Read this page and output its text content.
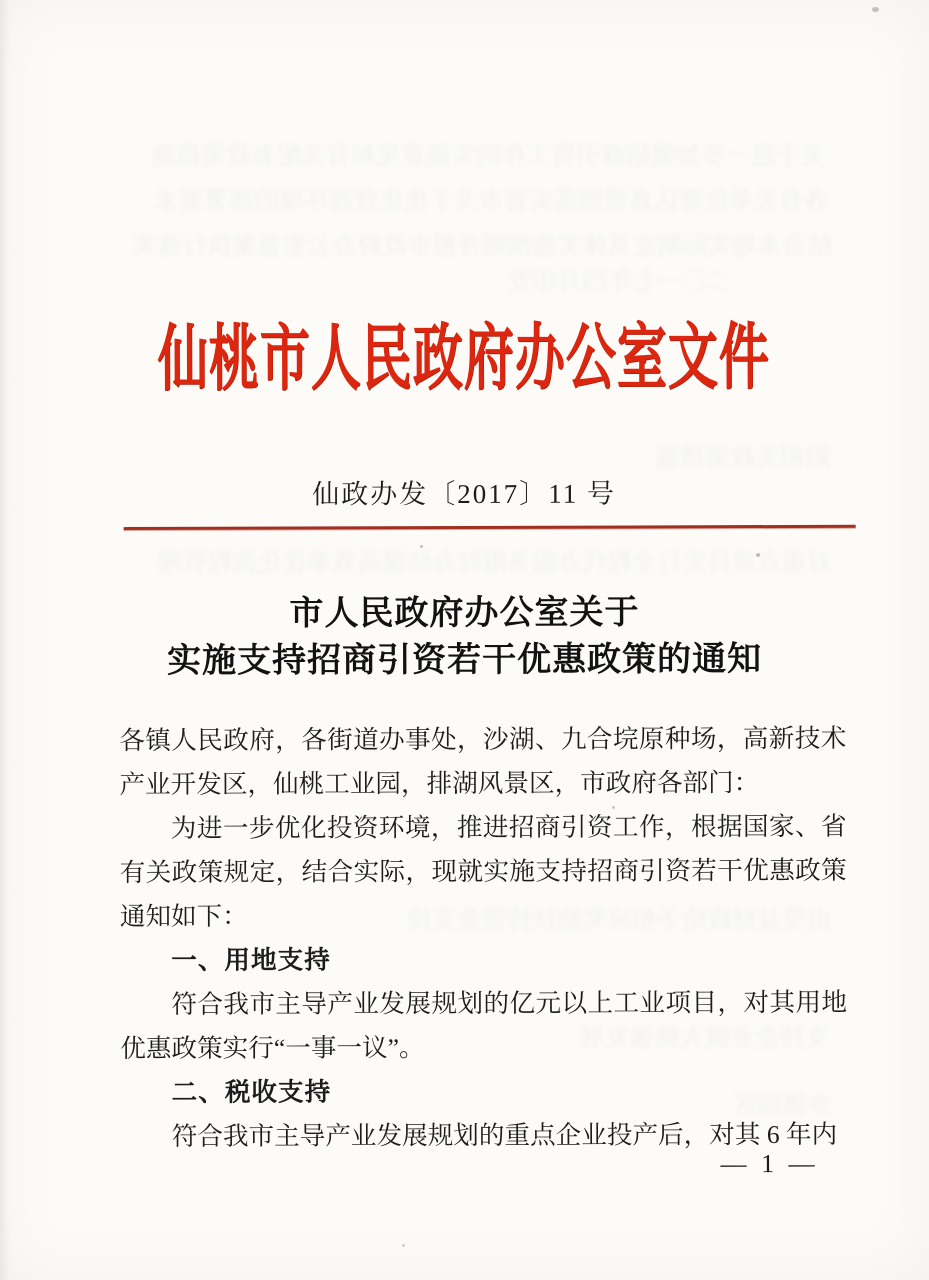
关于进一步加强招商引资工作的实施意见和有关配套政策措施
各有关单位要认真贯彻落实省市关于优化营商环境的部署要求
结合本地实际制定具体实施细则并报市政府办公室备案执行落实
二〇一七年四月印发
附相关政策措施
对重点项目实行全程代办服务限时办结提高效率优化流程管理
由受益财政给予相应奖励扶持资金支持
支持企业做大做强发展
乡镇园区
仙桃市人民政府办公室文件
仙政办发〔2017〕11 号
市人民政府办公室关于
实施支持招商引资若干优惠政策的通知

各镇人民政府，各街道办事处，沙湖、九合垸原种场，高新技术产业开发区，仙桃工业园，排湖风景区，市政府各部门：

为进一步优化投资环境，推进招商引资工作，根据国家、省有关政策规定，结合实际，现就实施支持招商引资若干优惠政策通知如下：

一、用地支持

符合我市主导产业发展规划的亿元以上工业项目，对其用地优惠政策实行“一事一议”。

二、税收支持

符合我市主导产业发展规划的重点企业投产后，对其 6 年内

— 1 —
